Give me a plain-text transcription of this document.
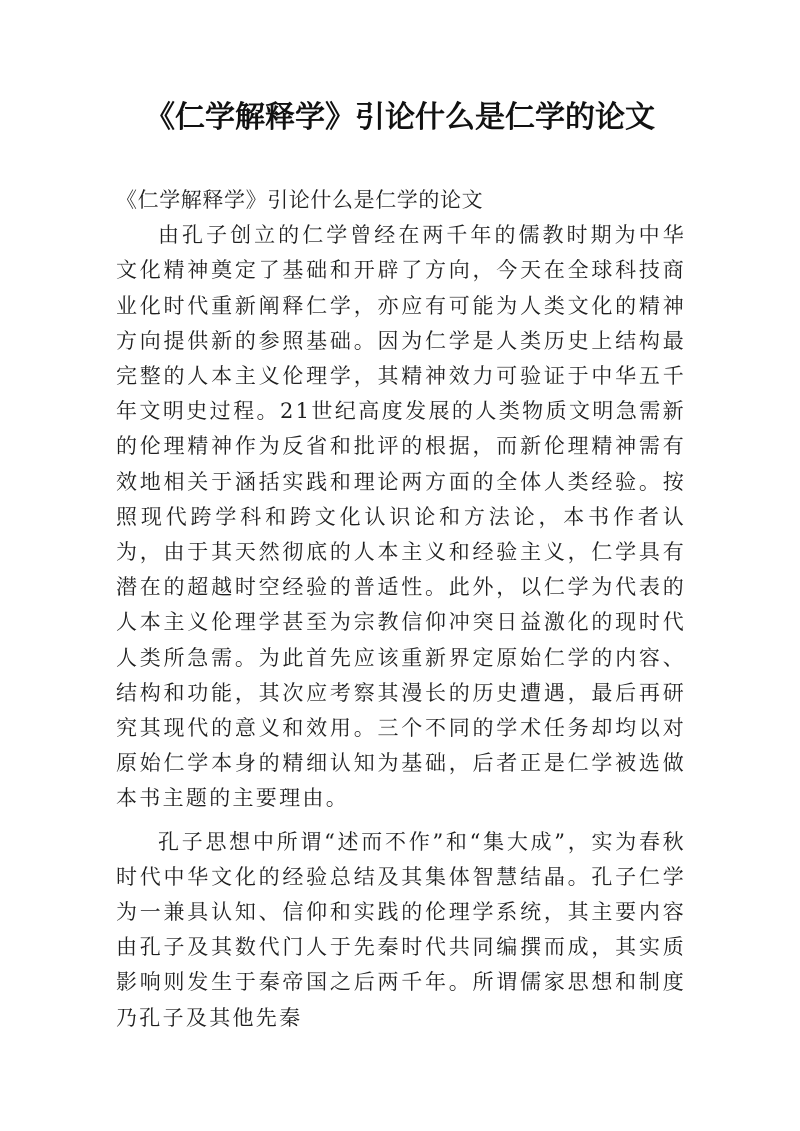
《仁学解释学》引论什么是仁学的论文

《仁学解释学》引论什么是仁学的论文

由孔子创立的仁学曾经在两千年的儒教时期为中华文化精神奠定了基础和开辟了方向，今天在全球科技商业化时代重新阐释仁学，亦应有可能为人类文化的精神方向提供新的参照基础。因为仁学是人类历史上结构最完整的人本主义伦理学，其精神效力可验证于中华五千年文明史过程。21世纪高度发展的人类物质文明急需新的伦理精神作为反省和批评的根据，而新伦理精神需有效地相关于涵括实践和理论两方面的全体人类经验。按照现代跨学科和跨文化认识论和方法论，本书作者认为，由于其天然彻底的人本主义和经验主义，仁学具有潜在的超越时空经验的普适性。此外，以仁学为代表的人本主义伦理学甚至为宗教信仰冲突日益激化的现时代人类所急需。为此首先应该重新界定原始仁学的内容、结构和功能，其次应考察其漫长的历史遭遇，最后再研究其现代的意义和效用。三个不同的学术任务却均以对原始仁学本身的精细认知为基础，后者正是仁学被选做本书主题的主要理由。

孔子思想中所谓“述而不作”和“集大成”，实为春秋时代中华文化的经验总结及其集体智慧结晶。孔子仁学为一兼具认知、信仰和实践的伦理学系统，其主要内容由孔子及其数代门人于先秦时代共同编撰而成，其实质影响则发生于秦帝国之后两千年。所谓儒家思想和制度乃孔子及其他先秦
